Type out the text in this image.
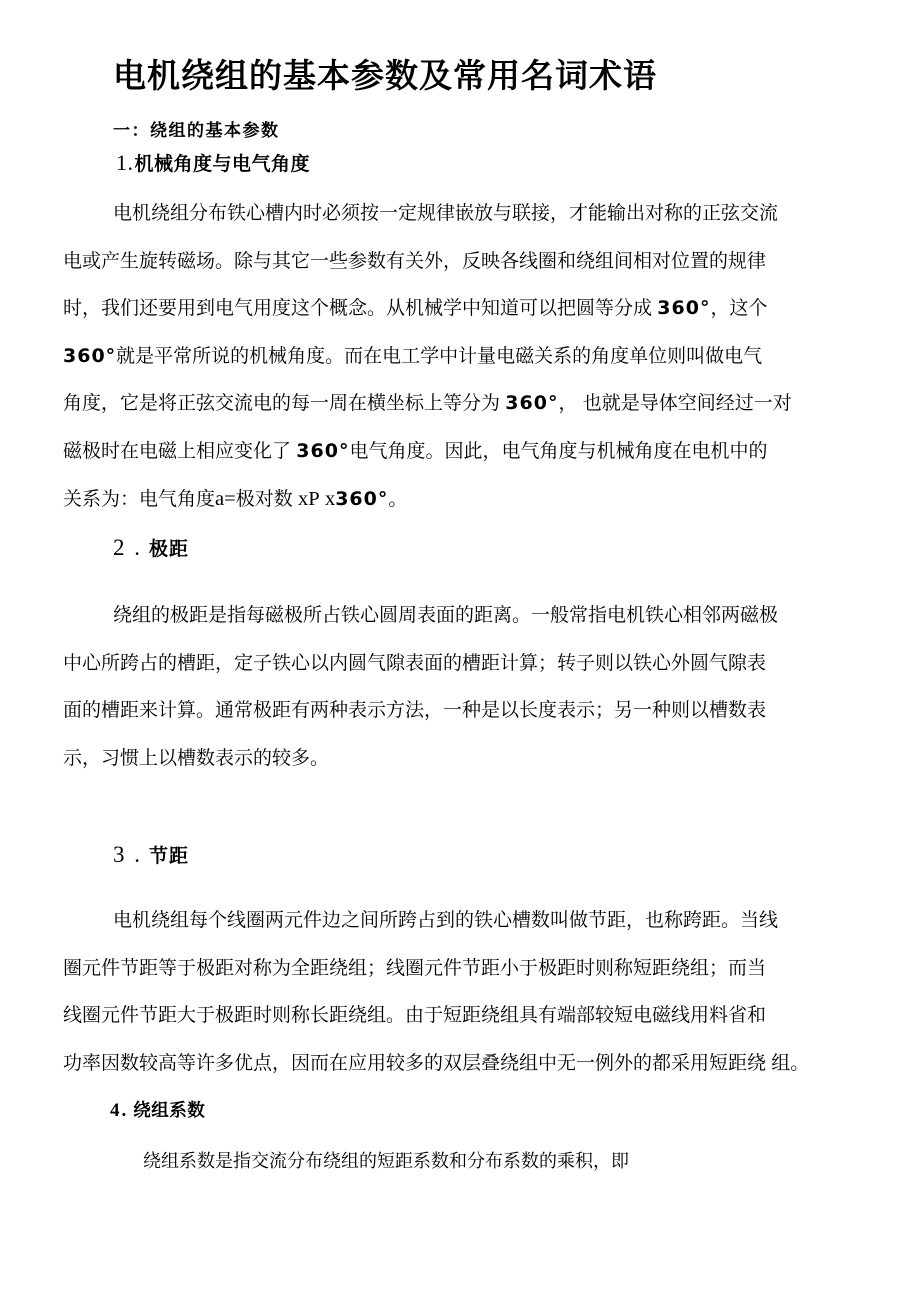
电机绕组的基本参数及常用名词术语
一：绕组的基本参数
1.机械角度与电气角度
电机绕组分布铁心槽内时必须按一定规律嵌放与联接，才能输出对称的正弦交流
电或产生旋转磁场。除与其它一些参数有关外，反映各线圈和绕组间相对位置的规律
时，我们还要用到电气用度这个概念。从机械学中知道可以把圆等分成 360°，这个
360°就是平常所说的机械角度。而在电工学中计量电磁关系的角度单位则叫做电气
角度，它是将正弦交流电的每一周在横坐标上等分为 360°， 也就是导体空间经过一对
磁极时在电磁上相应变化了 360°电气角度。因此，电气角度与机械角度在电机中的
关系为：电气角度a=极对数 xP x360°。
2 . 极距
绕组的极距是指每磁极所占铁心圆周表面的距离。一般常指电机铁心相邻两磁极
中心所跨占的槽距，定子铁心以内圆气隙表面的槽距计算；转子则以铁心外圆气隙表
面的槽距来计算。通常极距有两种表示方法，一种是以长度表示；另一种则以槽数表
示，习惯上以槽数表示的较多。
3 . 节距
电机绕组每个线圈两元件边之间所跨占到的铁心槽数叫做节距，也称跨距。当线
圈元件节距等于极距对称为全距绕组；线圈元件节距小于极距时则称短距绕组；而当
线圈元件节距大于极距时则称长距绕组。由于短距绕组具有端部较短电磁线用料省和
功率因数较高等许多优点，因而在应用较多的双层叠绕组中无一例外的都采用短距绕 组。
4. 绕组系数
绕组系数是指交流分布绕组的短距系数和分布系数的乘积，即
